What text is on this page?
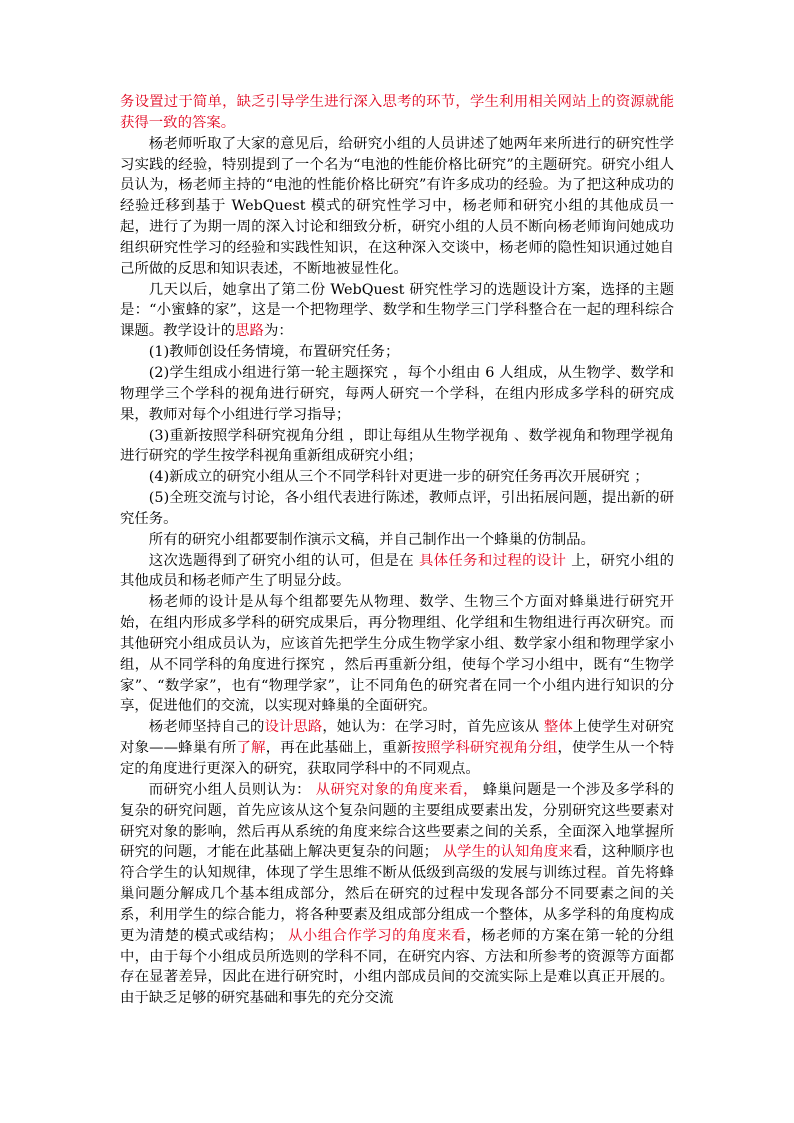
务设置过于简单，缺乏引导学生进行深入思考的环节，学生利用相关网站上的资源就能获得一致的答案。

杨老师听取了大家的意见后，给研究小组的人员讲述了她两年来所进行的研究性学习实践的经验，特别提到了一个名为“电池的性能价格比研究”的主题研究。研究小组人员认为，杨老师主持的“电池的性能价格比研究”有许多成功的经验。为了把这种成功的经验迁移到基于 WebQuest 模式的研究性学习中，杨老师和研究小组的其他成员一起，进行了为期一周的深入讨论和细致分析，研究小组的人员不断向杨老师询问她成功组织研究性学习的经验和实践性知识，在这种深入交谈中，杨老师的隐性知识通过她自己所做的反思和知识表述，不断地被显性化。

几天以后，她拿出了第二份 WebQuest 研究性学习的选题设计方案，选择的主题是：“小蜜蜂的家”，这是一个把物理学、数学和生物学三门学科整合在一起的理科综合课题。教学设计的思路为：

(1)教师创设任务情境，布置研究任务；

(2)学生组成小组进行第一轮主题探究 ，每个小组由 6 人组成，从生物学、数学和物理学三个学科的视角进行研究，每两人研究一个学科，在组内形成多学科的研究成果，教师对每个小组进行学习指导；

(3)重新按照学科研究视角分组 ，即让每组从生物学视角 、数学视角和物理学视角进行研究的学生按学科视角重新组成研究小组；

(4)新成立的研究小组从三个不同学科针对更进一步的研究任务再次开展研究 ；

(5)全班交流与讨论，各小组代表进行陈述，教师点评，引出拓展问题，提出新的研究任务。

所有的研究小组都要制作演示文稿，并自己制作出一个蜂巢的仿制品。

这次选题得到了研究小组的认可，但是在 具体任务和过程的设计 上，研究小组的其他成员和杨老师产生了明显分歧。

杨老师的设计是从每个组都要先从物理、数学、生物三个方面对蜂巢进行研究开始，在组内形成多学科的研究成果后，再分物理组、化学组和生物组进行再次研究。而其他研究小组成员认为，应该首先把学生分成生物学家小组、数学家小组和物理学家小组，从不同学科的角度进行探究 ，然后再重新分组，使每个学习小组中，既有“生物学家”、“数学家”，也有“物理学家”，让不同角色的研究者在同一个小组内进行知识的分享，促进他们的交流，以实现对蜂巢的全面研究。

杨老师坚持自己的设计思路，她认为：在学习时，首先应该从 整体上使学生对研究对象——蜂巢有所了解，再在此基础上，重新按照学科研究视角分组，使学生从一个特定的角度进行更深入的研究，获取同学科中的不同观点。

而研究小组人员则认为： 从研究对象的角度来看， 蜂巢问题是一个涉及多学科的复杂的研究问题，首先应该从这个复杂问题的主要组成要素出发，分别研究这些要素对研究对象的影响，然后再从系统的角度来综合这些要素之间的关系，全面深入地掌握所研究的问题，才能在此基础上解决更复杂的问题； 从学生的认知角度来看，这种顺序也符合学生的认知规律，体现了学生思维不断从低级到高级的发展与训练过程。首先将蜂巢问题分解成几个基本组成部分，然后在研究的过程中发现各部分不同要素之间的关系，利用学生的综合能力，将各种要素及组成部分组成一个整体，从多学科的角度构成更为清楚的模式或结构； 从小组合作学习的角度来看，杨老师的方案在第一轮的分组中，由于每个小组成员所选则的学科不同，在研究内容、方法和所参考的资源等方面都存在显著差异，因此在进行研究时，小组内部成员间的交流实际上是难以真正开展的。由于缺乏足够的研究基础和事先的充分交流
